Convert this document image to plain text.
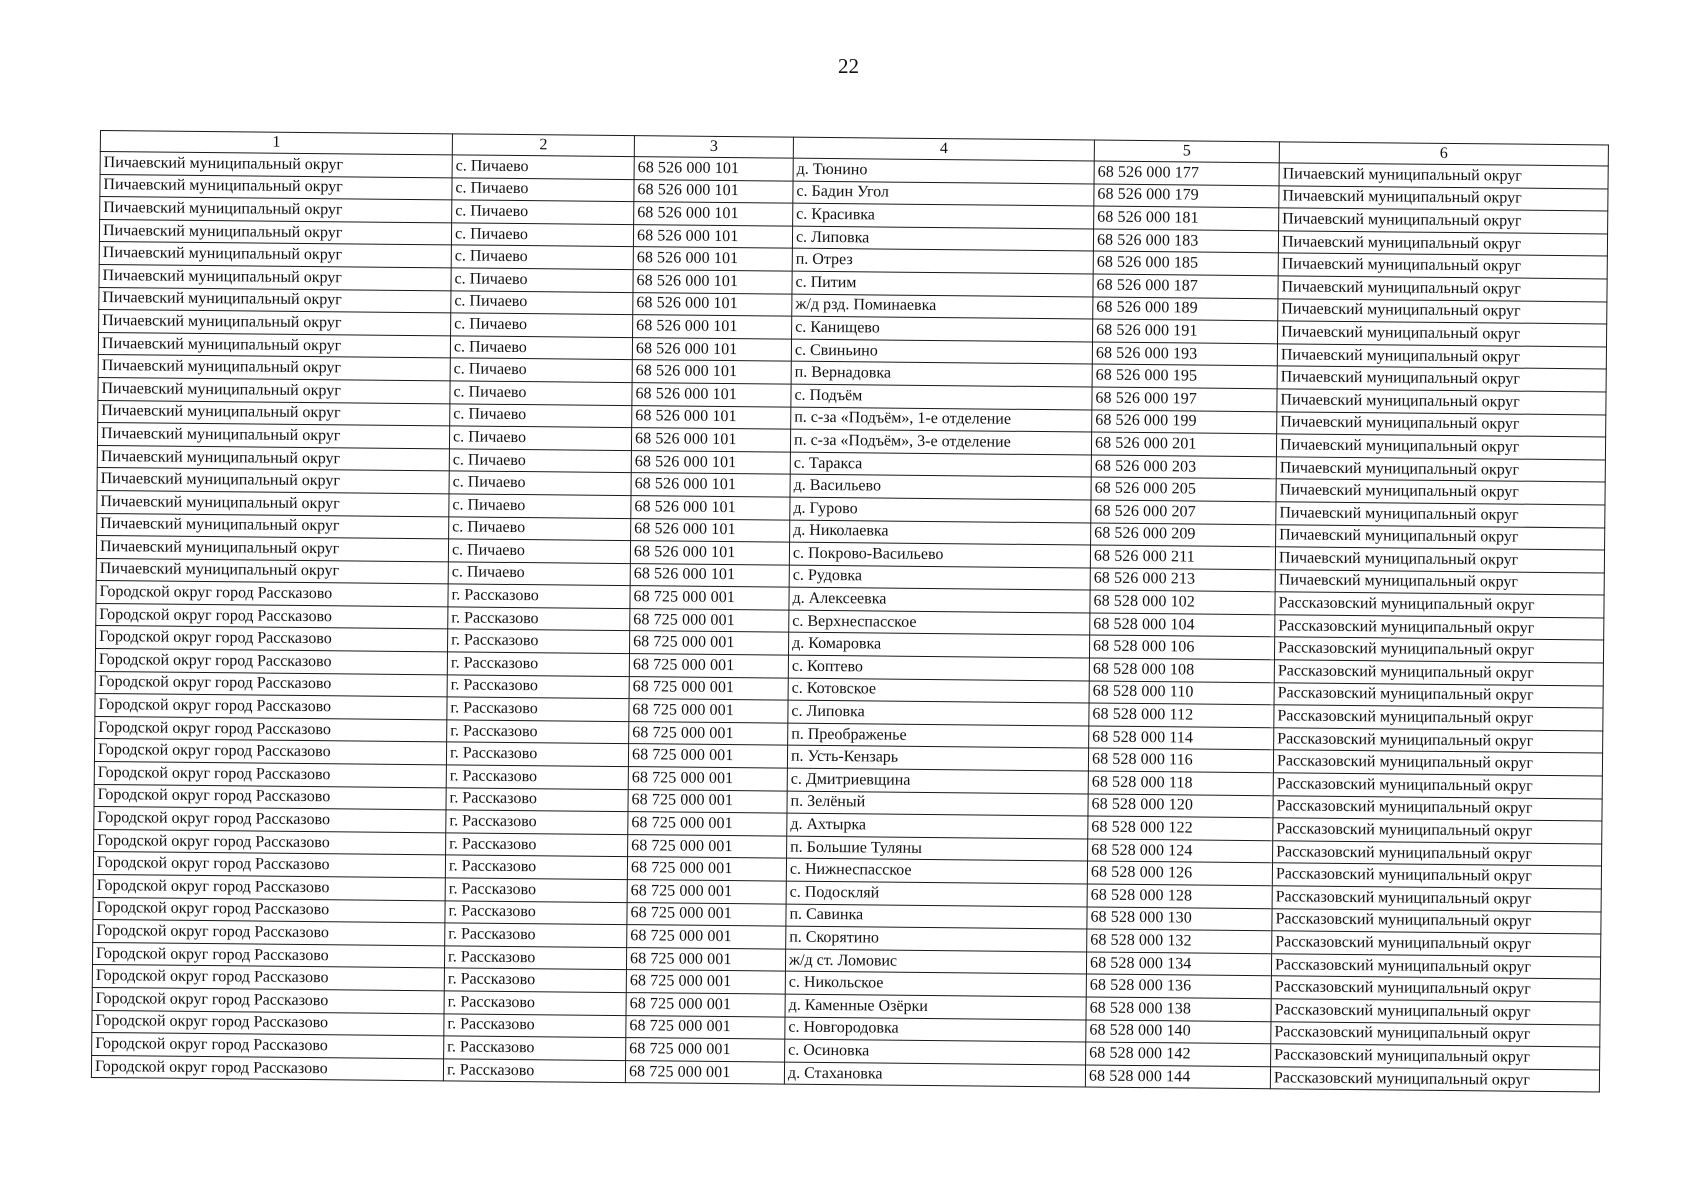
22
1	2	3	4	5	6
Пичаевский муниципальный округ	с. Пичаево	68 526 000 101	д. Тюнино	68 526 000 177	Пичаевский муниципальный округ
Пичаевский муниципальный округ	с. Пичаево	68 526 000 101	с. Бадин Угол	68 526 000 179	Пичаевский муниципальный округ
Пичаевский муниципальный округ	с. Пичаево	68 526 000 101	с. Красивка	68 526 000 181	Пичаевский муниципальный округ
Пичаевский муниципальный округ	с. Пичаево	68 526 000 101	с. Липовка	68 526 000 183	Пичаевский муниципальный округ
Пичаевский муниципальный округ	с. Пичаево	68 526 000 101	п. Отрез	68 526 000 185	Пичаевский муниципальный округ
Пичаевский муниципальный округ	с. Пичаево	68 526 000 101	с. Питим	68 526 000 187	Пичаевский муниципальный округ
Пичаевский муниципальный округ	с. Пичаево	68 526 000 101	ж/д рзд. Поминаевка	68 526 000 189	Пичаевский муниципальный округ
Пичаевский муниципальный округ	с. Пичаево	68 526 000 101	с. Канищево	68 526 000 191	Пичаевский муниципальный округ
Пичаевский муниципальный округ	с. Пичаево	68 526 000 101	с. Свиньино	68 526 000 193	Пичаевский муниципальный округ
Пичаевский муниципальный округ	с. Пичаево	68 526 000 101	п. Вернадовка	68 526 000 195	Пичаевский муниципальный округ
Пичаевский муниципальный округ	с. Пичаево	68 526 000 101	с. Подъём	68 526 000 197	Пичаевский муниципальный округ
Пичаевский муниципальный округ	с. Пичаево	68 526 000 101	п. с-за «Подъём», 1-е отделение	68 526 000 199	Пичаевский муниципальный округ
Пичаевский муниципальный округ	с. Пичаево	68 526 000 101	п. с-за «Подъём», 3-е отделение	68 526 000 201	Пичаевский муниципальный округ
Пичаевский муниципальный округ	с. Пичаево	68 526 000 101	с. Таракса	68 526 000 203	Пичаевский муниципальный округ
Пичаевский муниципальный округ	с. Пичаево	68 526 000 101	д. Васильево	68 526 000 205	Пичаевский муниципальный округ
Пичаевский муниципальный округ	с. Пичаево	68 526 000 101	д. Гурово	68 526 000 207	Пичаевский муниципальный округ
Пичаевский муниципальный округ	с. Пичаево	68 526 000 101	д. Николаевка	68 526 000 209	Пичаевский муниципальный округ
Пичаевский муниципальный округ	с. Пичаево	68 526 000 101	с. Покрово-Васильево	68 526 000 211	Пичаевский муниципальный округ
Пичаевский муниципальный округ	с. Пичаево	68 526 000 101	с. Рудовка	68 526 000 213	Пичаевский муниципальный округ
Городской округ город Рассказово	г. Рассказово	68 725 000 001	д. Алексеевка	68 528 000 102	Рассказовский муниципальный округ
Городской округ город Рассказово	г. Рассказово	68 725 000 001	с. Верхнеспасское	68 528 000 104	Рассказовский муниципальный округ
Городской округ город Рассказово	г. Рассказово	68 725 000 001	д. Комаровка	68 528 000 106	Рассказовский муниципальный округ
Городской округ город Рассказово	г. Рассказово	68 725 000 001	с. Коптево	68 528 000 108	Рассказовский муниципальный округ
Городской округ город Рассказово	г. Рассказово	68 725 000 001	с. Котовское	68 528 000 110	Рассказовский муниципальный округ
Городской округ город Рассказово	г. Рассказово	68 725 000 001	с. Липовка	68 528 000 112	Рассказовский муниципальный округ
Городской округ город Рассказово	г. Рассказово	68 725 000 001	п. Преображенье	68 528 000 114	Рассказовский муниципальный округ
Городской округ город Рассказово	г. Рассказово	68 725 000 001	п. Усть-Кензарь	68 528 000 116	Рассказовский муниципальный округ
Городской округ город Рассказово	г. Рассказово	68 725 000 001	с. Дмитриевщина	68 528 000 118	Рассказовский муниципальный округ
Городской округ город Рассказово	г. Рассказово	68 725 000 001	п. Зелёный	68 528 000 120	Рассказовский муниципальный округ
Городской округ город Рассказово	г. Рассказово	68 725 000 001	д. Ахтырка	68 528 000 122	Рассказовский муниципальный округ
Городской округ город Рассказово	г. Рассказово	68 725 000 001	п. Большие Туляны	68 528 000 124	Рассказовский муниципальный округ
Городской округ город Рассказово	г. Рассказово	68 725 000 001	с. Нижнеспасское	68 528 000 126	Рассказовский муниципальный округ
Городской округ город Рассказово	г. Рассказово	68 725 000 001	с. Подоскляй	68 528 000 128	Рассказовский муниципальный округ
Городской округ город Рассказово	г. Рассказово	68 725 000 001	п. Савинка	68 528 000 130	Рассказовский муниципальный округ
Городской округ город Рассказово	г. Рассказово	68 725 000 001	п. Скорятино	68 528 000 132	Рассказовский муниципальный округ
Городской округ город Рассказово	г. Рассказово	68 725 000 001	ж/д ст. Ломовис	68 528 000 134	Рассказовский муниципальный округ
Городской округ город Рассказово	г. Рассказово	68 725 000 001	с. Никольское	68 528 000 136	Рассказовский муниципальный округ
Городской округ город Рассказово	г. Рассказово	68 725 000 001	д. Каменные Озёрки	68 528 000 138	Рассказовский муниципальный округ
Городской округ город Рассказово	г. Рассказово	68 725 000 001	с. Новгородовка	68 528 000 140	Рассказовский муниципальный округ
Городской округ город Рассказово	г. Рассказово	68 725 000 001	с. Осиновка	68 528 000 142	Рассказовский муниципальный округ
Городской округ город Рассказово	г. Рассказово	68 725 000 001	д. Стахановка	68 528 000 144	Рассказовский муниципальный округ
